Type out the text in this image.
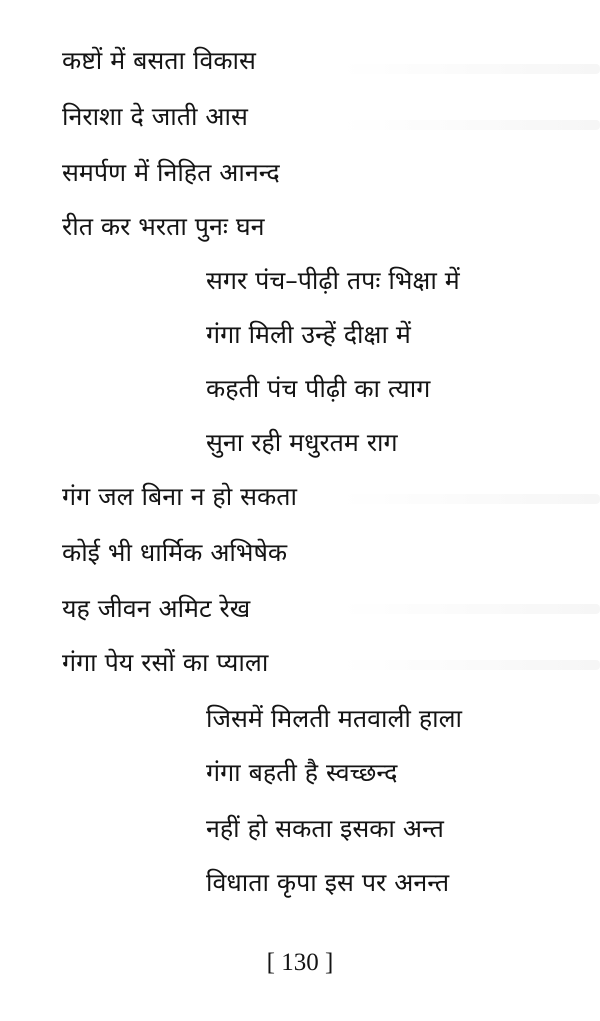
कष्टों में बसता विकास
निराशा दे जाती आस
समर्पण में निहित आनन्द
रीत कर भरता पुनः घन
सगर पंच–पीढ़ी तपः भिक्षा में
गंगा मिली उन्हें दीक्षा में
कहती पंच पीढ़ी का त्याग
सुना रही मधुरतम राग
गंग जल बिना न हो सकता
कोई भी धार्मिक अभिषेक
यह जीवन अमिट रेख
गंगा पेय रसों का प्याला
जिसमें मिलती मतवाली हाला
गंगा बहती है स्वच्छन्द
नहीं हो सकता इसका अन्त
विधाता कृपा इस पर अनन्त
[ 130 ]
